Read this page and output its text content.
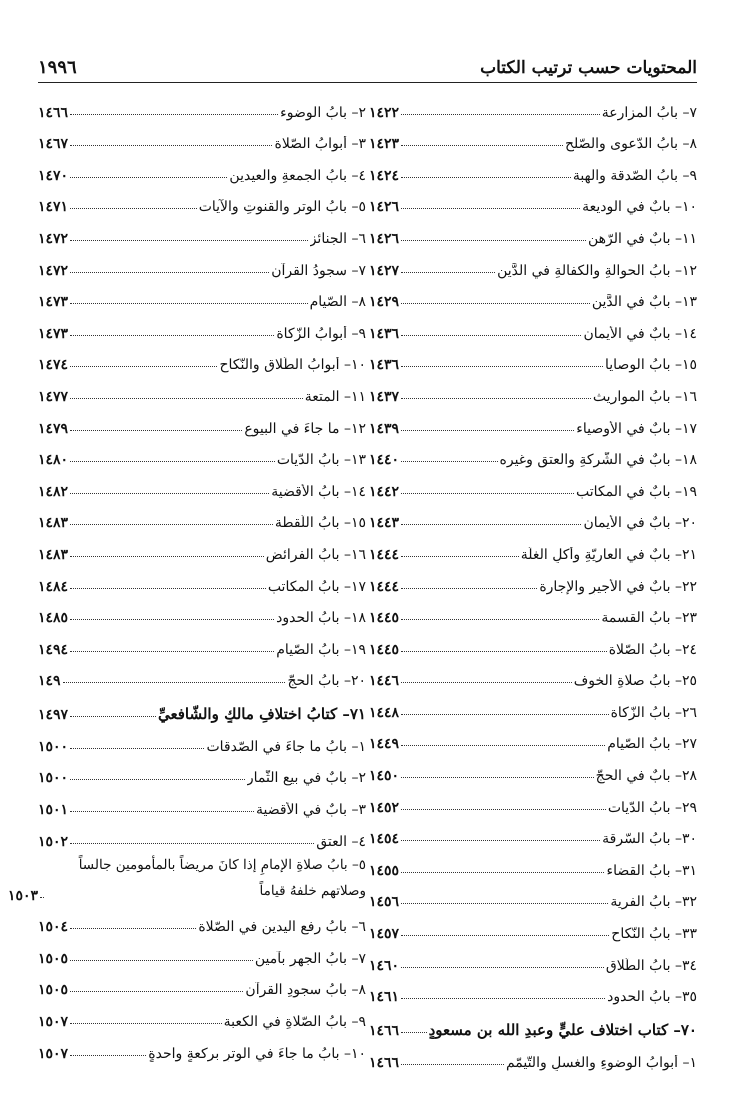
المحتويات حسب ترتيب الكتاب
١٩٩٦
٧– بابُ المزارعة
١٤٢٢
٨– بابُ الدّعوى والصّلح
١٤٢٣
٩– بابُ الصّدقة والهبة
١٤٢٤
١٠– بابٌ في الوديعة
١٤٢٦
١١– بابٌ في الرّهن
١٤٢٦
١٢– بابُ الحوالةِ والكفالةِ في الدَّين
١٤٢٧
١٣– بابٌ في الدَّين
١٤٢٩
١٤– بابٌ في الأيمان
١٤٣٦
١٥– بابُ الوصايا
١٤٣٦
١٦– بابُ المواريث
١٤٣٧
١٧– بابٌ في الأوصياء
١٤٣٩
١٨– بابٌ في الشّركةِ والعتقِ وغيره
١٤٤٠
١٩– بابٌ في المكاتب
١٤٤٢
٢٠– بابٌ في الأيمان
١٤٤٣
٢١– بابٌ في العاريّةِ وأكلِ الغلّة
١٤٤٤
٢٢– بابٌ في الأجيرِ والإجارة
١٤٤٤
٢٣– بابُ القسمة
١٤٤٥
٢٤– بابُ الصّلاة
١٤٤٥
٢٥– بابُ صلاةِ الخوف
١٤٤٦
٢٦– بابُ الزّكاة
١٤٤٨
٢٧– بابُ الصّيام
١٤٤٩
٢٨– بابٌ في الحجّ
١٤٥٠
٢٩– بابُ الدّيات
١٤٥٢
٣٠– بابُ السّرقة
١٤٥٤
٣١– بابُ القضاء
١٤٥٥
٣٢– بابُ الفرية
١٤٥٦
٣٣– بابُ النّكاح
١٤٥٧
٣٤– بابُ الطّلاق
١٤٦٠
٣٥– بابُ الحدود
١٤٦١
٧٠– كتاب اختلاف عليٍّ وعبدِ الله بنِ مسعودٍ
١٤٦٦
١– أبوابُ الوضوءِ والغسلِ والتّيمّم
١٤٦٦
٢– بابُ الوضوء
١٤٦٦
٣– أبوابُ الصّلاة
١٤٦٧
٤– بابُ الجمعةِ والعيدين
١٤٧٠
٥– بابُ الوترِ والقنوتِ والآيات
١٤٧١
٦– الجنائز
١٤٧٢
٧– سجودُ القرآن
١٤٧٢
٨– الصّيام
١٤٧٣
٩– أبوابُ الزّكاة
١٤٧٣
١٠– أبوابُ الطّلاقِ والنّكاح
١٤٧٤
١١– المتعة
١٤٧٧
١٢– ما جاءَ في البيوع
١٤٧٩
١٣– بابُ الدّيات
١٤٨٠
١٤– بابُ الأقضية
١٤٨٢
١٥– بابُ اللّقطة
١٤٨٣
١٦– بابُ الفرائض
١٤٨٣
١٧– بابُ المكاتب
١٤٨٤
١٨– بابُ الحدود
١٤٨٥
١٩– بابُ الصّيام
١٤٩٤
٢٠– بابُ الحجّ
١٤٩
٧١– كتابُ اختلافِ مالكٍ والشّافعيِّ
١٤٩٧
١– بابُ ما جاءَ في الصّدقات
١٥٠٠
٢– بابٌ في بيعِ الثّمار
١٥٠٠
٣– بابٌ في الأقضية
١٥٠١
٤– العتق
١٥٠٢
٥– بابُ صلاةِ الإمامِ إذا كانَ مريضاً بالمأمومين جالساً وصلاتهم خلفهُ قياماً
١٥٠٣
٦– بابُ رفعِ اليدينِ في الصّلاة
١٥٠٤
٧– بابُ الجهرِ بآمين
١٥٠٥
٨– بابُ سجودِ القرآن
١٥٠٥
٩– بابُ الصّلاةِ في الكعبة
١٥٠٧
١٠– بابُ ما جاءَ في الوترِ بركعةٍ واحدةٍ
١٥٠٧
